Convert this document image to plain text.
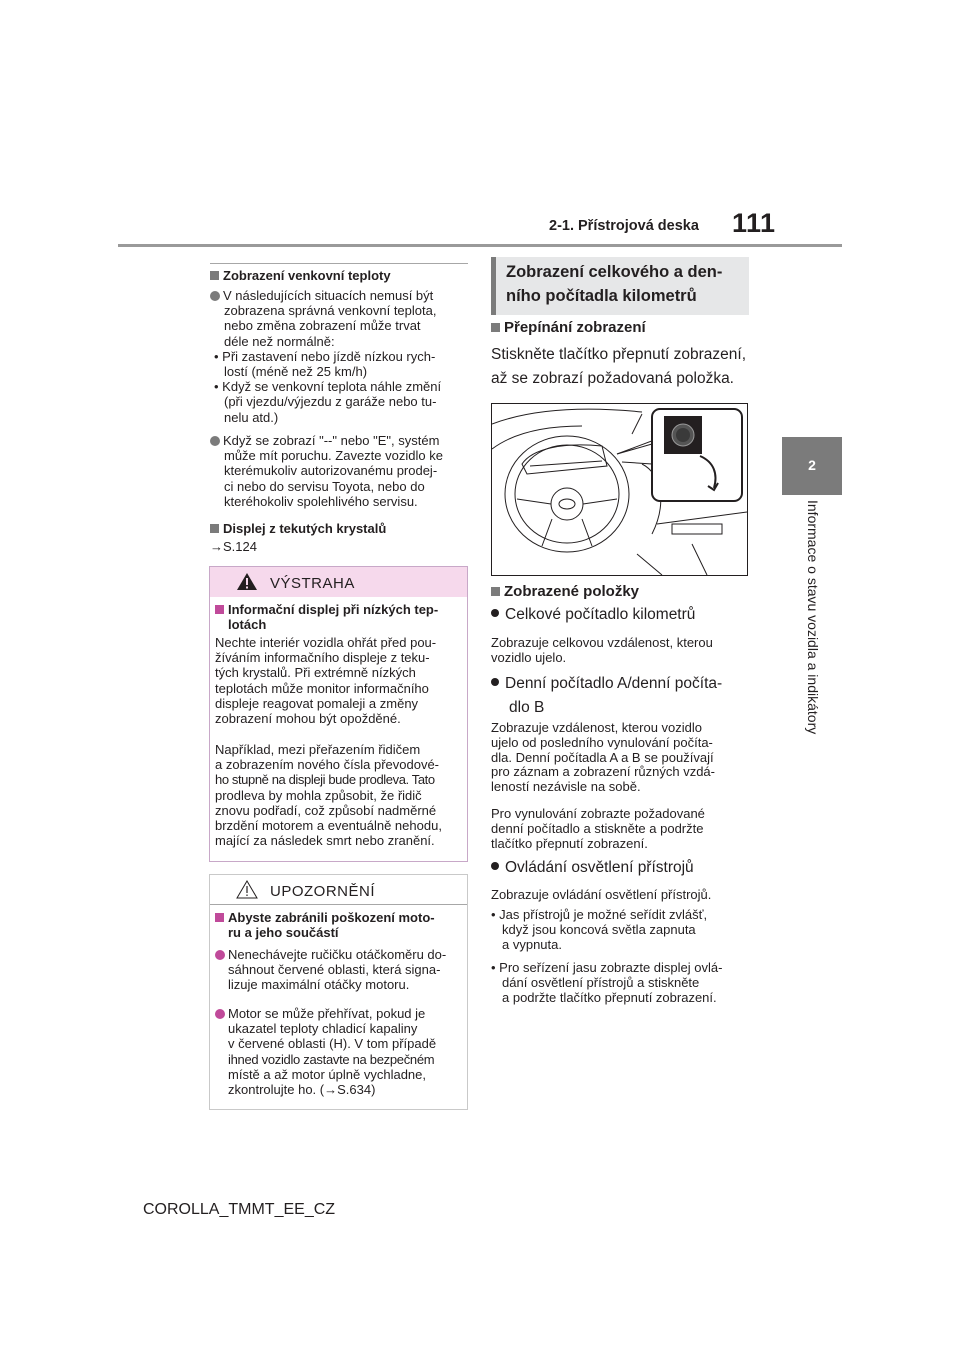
2-1. Přístrojová deska 111
2
Informace o stavu vozidla a indikátory
Zobrazení venkovní teploty
V následujících situacích nemusí být
zobrazena správná venkovní teplota,
nebo změna zobrazení může trvat
déle než normálně:
• Při zastavení nebo jízdě nízkou rych-
lostí (méně než 25 km/h)
• Když se venkovní teplota náhle změní
(při vjezdu/výjezdu z garáže nebo tu-
nelu atd.)
Když se zobrazí "--" nebo "E", systém
může mít poruchu. Zavezte vozidlo ke
kterémukoliv autorizovanému prodej-
ci nebo do servisu Toyota, nebo do
kteréhokoliv spolehlivého servisu.
Displej z tekutých krystalů
→S.124
VÝSTRAHA
Informační displej při nízkých tep-
lotách
Nechte interiér vozidla ohřát před pou-
žíváním informačního displeje z teku-
tých krystalů. Při extrémně nízkých
teplotách může monitor informačního
displeje reagovat pomaleji a změny
zobrazení mohou být opožděné.
Například, mezi přeřazením řidičem
a zobrazením nového čísla převodové-
ho stupně na displeji bude prodleva. Tato
prodleva by mohla způsobit, že řidič
znovu podřadí, což způsobí nadměrné
brzdění motorem a eventuálně nehodu,
mající za následek smrt nebo zranění.
UPOZORNĚNÍ
Abyste zabránili poškození moto-
ru a jeho součástí
Nenechávejte ručičku otáčkoměru do-
sáhnout červené oblasti, která signa-
lizuje maximální otáčky motoru.
Motor se může přehřívat, pokud je
ukazatel teploty chladicí kapaliny
v červené oblasti (H). V tom případě
ihned vozidlo zastavte na bezpečném
místě a až motor úplně vychladne,
zkontrolujte ho. (→S.634)
Zobrazení celkového a den-
ního počítadla kilometrů
Přepínání zobrazení
Stiskněte tlačítko přepnutí zobrazení,
až se zobrazí požadovaná položka.
Zobrazené položky
Celkové počítadlo kilometrů
Zobrazuje celkovou vzdálenost, kterou
vozidlo ujelo.
Denní počítadlo A/denní počíta-
dlo B
Zobrazuje vzdálenost, kterou vozidlo
ujelo od posledního vynulování počíta-
dla. Denní počítadla A a B se používají
pro záznam a zobrazení různých vzdá-
leností nezávisle na sobě.
Pro vynulování zobrazte požadované
denní počítadlo a stiskněte a podržte
tlačítko přepnutí zobrazení.
Ovládání osvětlení přístrojů
Zobrazuje ovládání osvětlení přístrojů.
• Jas přístrojů je možné seřídit zvlášť,
když jsou koncová světla zapnuta
a vypnuta.
• Pro seřízení jasu zobrazte displej ovlá-
dání osvětlení přístrojů a stiskněte
a podržte tlačítko přepnutí zobrazení.
COROLLA_TMMT_EE_CZ
